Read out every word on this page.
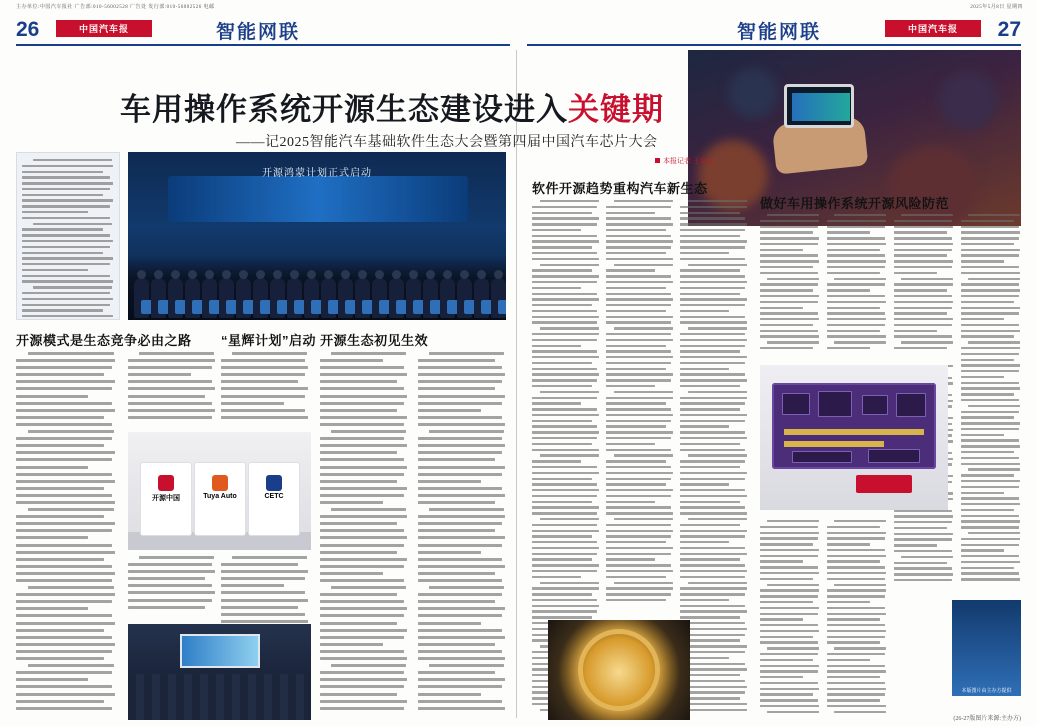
主办单位:中国汽车报社 广告部:010-56002528 广告处 发行部:010-56002526 电邮	2025年5月8日 星期四
26	中国汽车报	智能网联	27
中国汽车报
智能网联
车用操作系统开源生态建设进入关键期
——记2025智能汽车基础软件生态大会暨第四届中国汽车芯片大会
本报记者 王金玉
开源鸿蒙计划正式启动
开源模式是生态竞争必由之路 “星辉计划”启动 开源生态初见生效
软件开源趋势重构汽车新生态
做好车用操作系统开源风险防范
开源中国	Tuya Auto	CETC
本版图片由主办方提供
(26-27版图片来源:主办方)
